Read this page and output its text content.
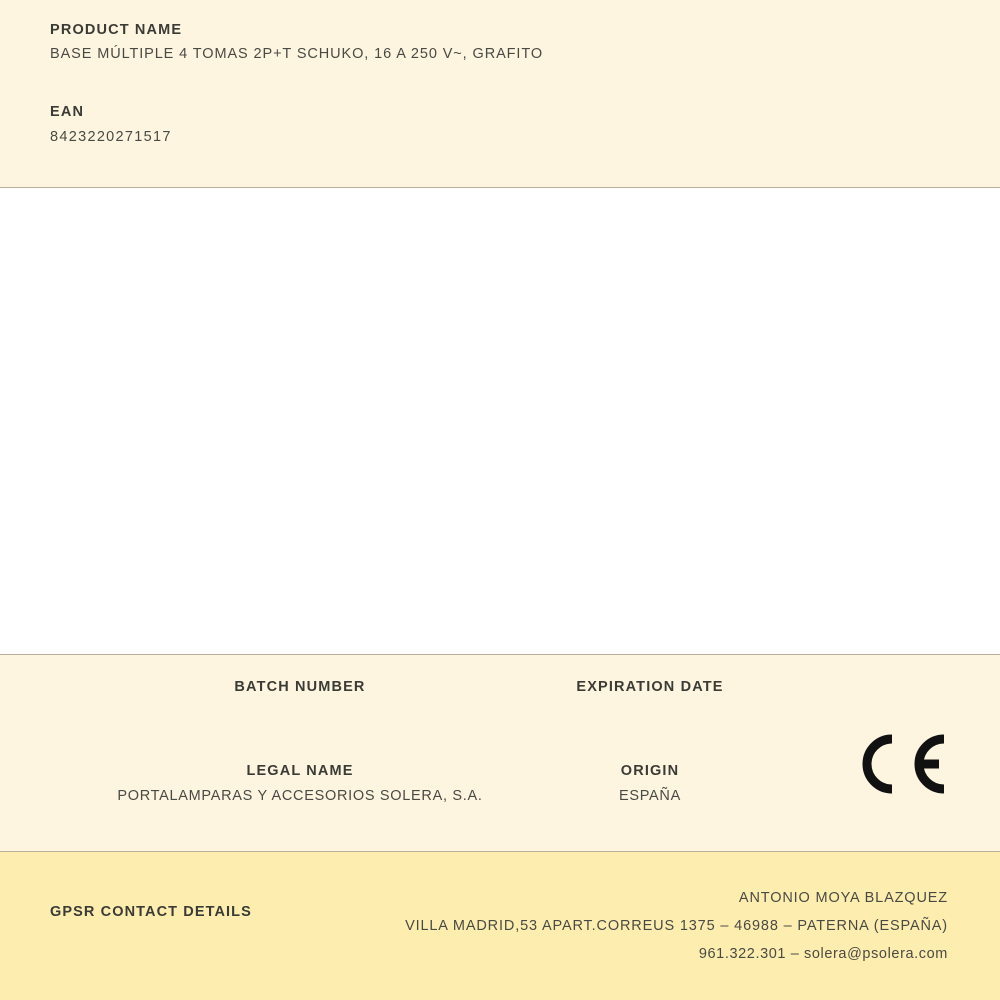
PRODUCT NAME

BASE MÚLTIPLE 4 TOMAS 2P+T SCHUKO, 16 A 250 V~, GRAFITO

EAN

8423220271517

BATCH NUMBER	EXPIRATION DATE

LEGAL NAME

PORTALAMPARAS Y ACCESORIOS SOLERA, S.A.

ORIGIN

ESPAÑA

GPSR CONTACT DETAILS
ANTONIO MOYA BLAZQUEZ
VILLA MADRID,53 APART.CORREUS 1375 – 46988 – PATERNA (ESPAÑA)
961.322.301 – solera@psolera.com
